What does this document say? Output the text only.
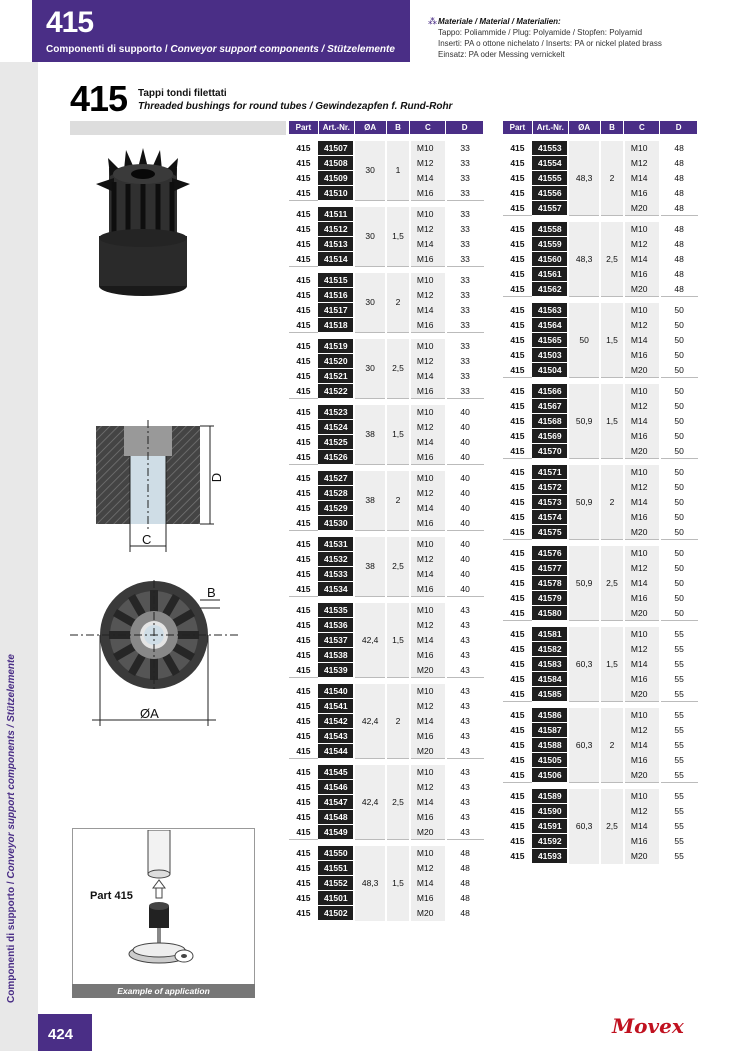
415
Componenti di supporto / Conveyor support components / Stützelemente
⁂ Materiale / Material / Materialien:
Tappo: Poliammide / Plug: Polyamide / Stopfen: Polyamid
Inserti: PA o ottone nichelato / Inserts: PA or nickel plated brass
Einsatz: PA oder Messing vernickelt
415 Tappi tondi filettati
Threaded bushings for round tubes / Gewindezapfen f. Rund-Rohr
Part	Art.-Nr.	ØA	B	C	D

415	41507	30	1	M10	33
415	41508			M12	33
415	41509			M14	33
415	41510			M16	33

415	41511	30	1,5	M10	33
415	41512			M12	33
415	41513			M14	33
415	41514			M16	33

415	41515	30	2	M10	33
415	41516			M12	33
415	41517			M14	33
415	41518			M16	33

415	41519	30	2,5	M10	33
415	41520			M12	33
415	41521			M14	33
415	41522			M16	33

415	41523	38	1,5	M10	40
415	41524			M12	40
415	41525			M14	40
415	41526			M16	40

415	41527	38	2	M10	40
415	41528			M12	40
415	41529			M14	40
415	41530			M16	40

415	41531	38	2,5	M10	40
415	41532			M12	40
415	41533			M14	40
415	41534			M16	40

415	41535	42,4	1,5	M10	43
415	41536			M12	43
415	41537			M14	43
415	41538			M16	43
415	41539			M20	43

415	41540	42,4	2	M10	43
415	41541			M12	43
415	41542			M14	43
415	41543			M16	43
415	41544			M20	43

415	41545	42,4	2,5	M10	43
415	41546			M12	43
415	41547			M14	43
415	41548			M16	43
415	41549			M20	43

415	41550	48,3	1,5	M10	48
415	41551			M12	48
415	41552			M14	48
415	41501			M16	48
415	41502			M20	48
Part	Art.-Nr.	ØA	B	C	D

415	41553	48,3	2	M10	48
415	41554			M12	48
415	41555			M14	48
415	41556			M16	48
415	41557			M20	48

415	41558	48,3	2,5	M10	48
415	41559			M12	48
415	41560			M14	48
415	41561			M16	48
415	41562			M20	48

415	41563	50	1,5	M10	50
415	41564			M12	50
415	41565			M14	50
415	41503			M16	50
415	41504			M20	50

415	41566	50,9	1,5	M10	50
415	41567			M12	50
415	41568			M14	50
415	41569			M16	50
415	41570			M20	50

415	41571	50,9	2	M10	50
415	41572			M12	50
415	41573			M14	50
415	41574			M16	50
415	41575			M20	50

415	41576	50,9	2,5	M10	50
415	41577			M12	50
415	41578			M14	50
415	41579			M16	50
415	41580			M20	50

415	41581	60,3	1,5	M10	55
415	41582			M12	55
415	41583			M14	55
415	41584			M16	55
415	41585			M20	55

415	41586	60,3	2	M10	55
415	41587			M12	55
415	41588			M14	55
415	41505			M16	55
415	41506			M20	55

415	41589	60,3	2,5	M10	55
415	41590			M12	55
415	41591			M14	55
415	41592			M16	55
415	41593			M20	55
D
C
B
ØA
Part 415
Example of application
Componenti di supporto / Conveyor support components / Stützelemente
424	Movex
